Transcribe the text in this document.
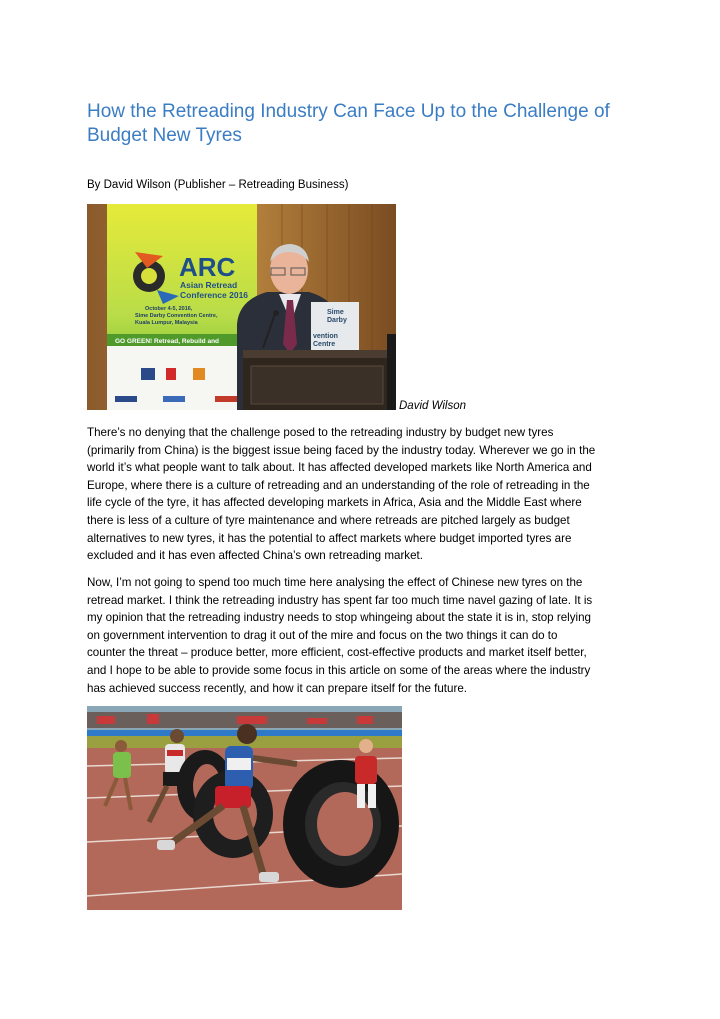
How the Retreading Industry Can Face Up to the Challenge of
Budget New Tyres
By David Wilson (Publisher – Retreading Business)
ARC
Asian Retread
Conference 2016
October 4-5, 2016,
Sime Darby Convention Centre,
Kuala Lumpur, Malaysia
GO GREEN! Retread, Rebuild and
Sime
Darby
vention
Centre
David Wilson

There’s no denying that the challenge posed to the retreading industry by budget new tyres
(primarily from China) is the biggest issue being faced by the industry today. Wherever we go in the
world it’s what people want to talk about. It has affected developed markets like North America and
Europe, where there is a culture of retreading and an understanding of the role of retreading in the
life cycle of the tyre, it has affected developing markets in Africa, Asia and the Middle East where
there is less of a culture of tyre maintenance and where retreads are pitched largely as budget
alternatives to new tyres, it has the potential to affect markets where budget imported tyres are
excluded and it has even affected China’s own retreading market.

Now, I’m not going to spend too much time here analysing the effect of Chinese new tyres on the
retread market. I think the retreading industry has spent far too much time navel gazing of late. It is
my opinion that the retreading industry needs to stop whingeing about the state it is in, stop relying
on government intervention to drag it out of the mire and focus on the two things it can do to
counter the threat – produce better, more efficient, cost-effective products and market itself better,
and I hope to be able to provide some focus in this article on some of the areas where the industry
has achieved success recently, and how it can prepare itself for the future.
